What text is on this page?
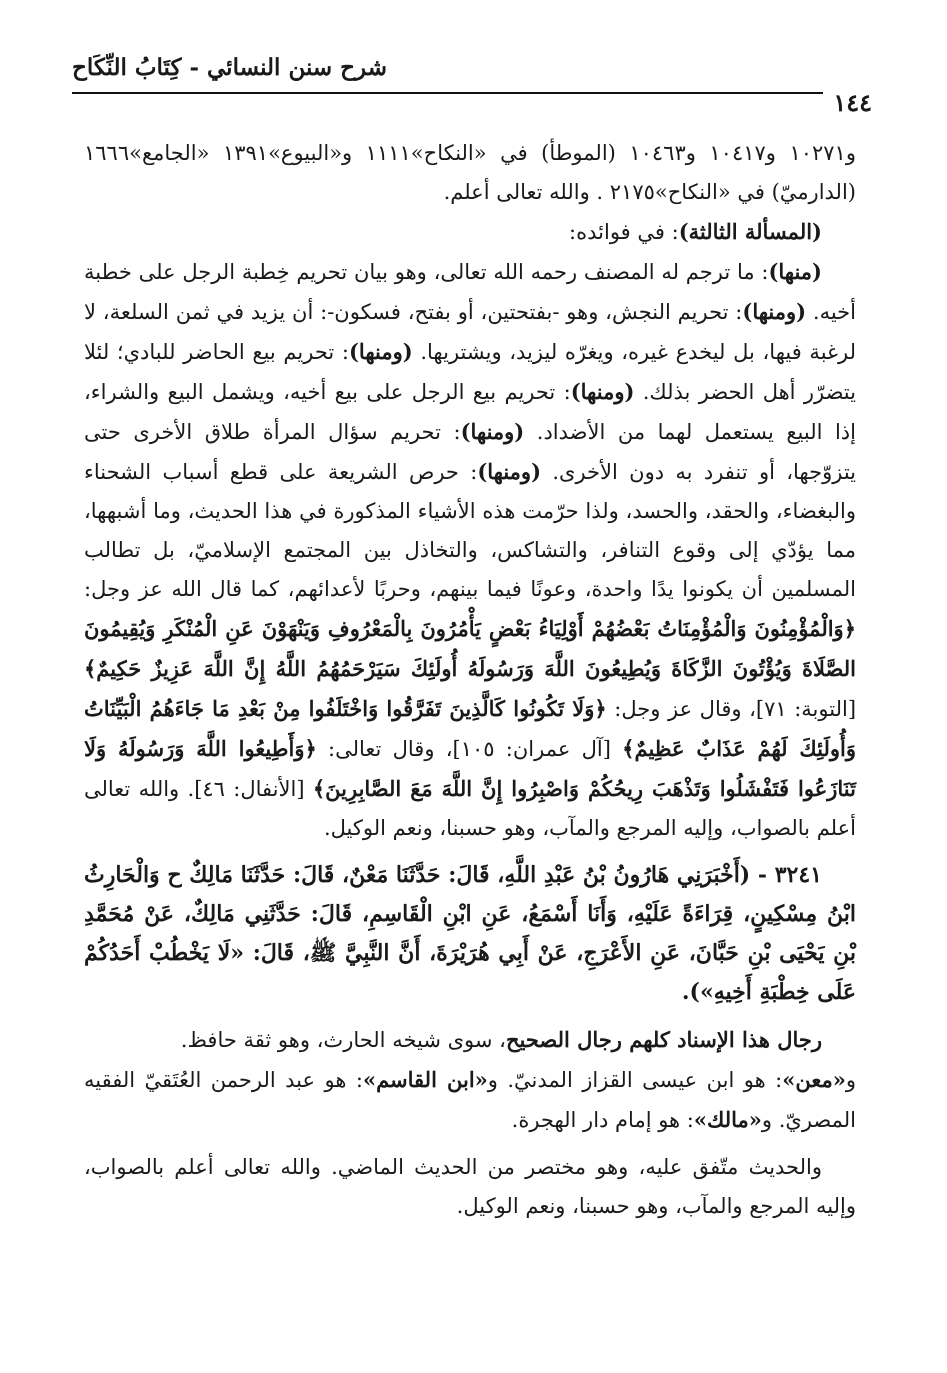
شرح سنن النسائي - كِتَابُ النِّكَاح
١٤٤

و١٠٢٧١ و١٠٤١٧ و١٠٤٦٣ (الموطأ) في «النكاح»١١١١ و«البيوع»١٣٩١ «الجامع»١٦٦٦ (الدارميّ) في «النكاح»٢١٧٥ . والله تعالى أعلم.

(المسألة الثالثة): في فوائده:

(منها): ما ترجم له المصنف رحمه الله تعالى، وهو بيان تحريم خِطبة الرجل على خطبة أخيه. (ومنها): تحريم النجش، وهو -بفتحتين، أو بفتح، فسكون-: أن يزيد في ثمن السلعة، لا لرغبة فيها، بل ليخدع غيره، ويغرّه ليزيد، ويشتريها. (ومنها): تحريم بيع الحاضر للبادي؛ لئلا يتضرّر أهل الحضر بذلك. (ومنها): تحريم بيع الرجل على بيع أخيه، ويشمل البيع والشراء، إذا البيع يستعمل لهما من الأضداد. (ومنها): تحريم سؤال المرأة طلاق الأخرى حتى يتزوّجها، أو تنفرد به دون الأخرى. (ومنها): حرص الشريعة على قطع أسباب الشحناء والبغضاء، والحقد، والحسد، ولذا حرّمت هذه الأشياء المذكورة في هذا الحديث، وما أشبهها، مما يؤدّي إلى وقوع التنافر، والتشاكس، والتخاذل بين المجتمع الإسلاميّ، بل تطالب المسلمين أن يكونوا يدًا واحدة، وعونًا فيما بينهم، وحربًا لأعدائهم، كما قال الله عز وجل: ﴿وَالْمُؤْمِنُونَ وَالْمُؤْمِنَاتُ بَعْضُهُمْ أَوْلِيَاءُ بَعْضٍ يَأْمُرُونَ بِالْمَعْرُوفِ وَيَنْهَوْنَ عَنِ الْمُنْكَرِ وَيُقِيمُونَ الصَّلَاةَ وَيُؤْتُونَ الزَّكَاةَ وَيُطِيعُونَ اللَّهَ وَرَسُولَهُ أُولَئِكَ سَيَرْحَمُهُمُ اللَّهُ إِنَّ اللَّهَ عَزِيزٌ حَكِيمٌ﴾ [التوبة: ٧١]، وقال عز وجل: ﴿وَلَا تَكُونُوا كَالَّذِينَ تَفَرَّقُوا وَاخْتَلَفُوا مِنْ بَعْدِ مَا جَاءَهُمُ الْبَيِّنَاتُ وَأُولَئِكَ لَهُمْ عَذَابٌ عَظِيمٌ﴾ [آل عمران: ١٠٥]، وقال تعالى: ﴿وَأَطِيعُوا اللَّهَ وَرَسُولَهُ وَلَا تَنَازَعُوا فَتَفْشَلُوا وَتَذْهَبَ رِيحُكُمْ وَاصْبِرُوا إِنَّ اللَّهَ مَعَ الصَّابِرِينَ﴾ [الأنفال: ٤٦]. والله تعالى أعلم بالصواب، وإليه المرجع والمآب، وهو حسبنا، ونعم الوكيل.

٣٢٤١ - (أَخْبَرَنِي هَارُونُ بْنُ عَبْدِ اللَّهِ، قَالَ: حَدَّثَنَا مَعْنٌ، قَالَ: حَدَّثَنَا مَالِكٌ ح وَالْحَارِثُ ابْنُ مِسْكِينٍ، قِرَاءَةً عَلَيْهِ، وَأَنَا أَسْمَعُ، عَنِ ابْنِ الْقَاسِمِ، قَالَ: حَدَّثَنِي مَالِكٌ، عَنْ مُحَمَّدِ بْنِ يَحْيَى بْنِ حَبَّانَ، عَنِ الأَعْرَجِ، عَنْ أَبِي هُرَيْرَةَ، أَنَّ النَّبِيَّ ﷺ، قَالَ: «لَا يَخْطُبْ أَحَدُكُمْ عَلَى خِطْبَةِ أَخِيهِ»).

رجال هذا الإسناد كلهم رجال الصحيح، سوى شيخه الحارث، وهو ثقة حافظ.

و«معن»: هو ابن عيسى القزاز المدنيّ. و«ابن القاسم»: هو عبد الرحمن العُتَقيّ الفقيه المصريّ. و«مالك»: هو إمام دار الهجرة.

والحديث متّفق عليه، وهو مختصر من الحديث الماضي. والله تعالى أعلم بالصواب، وإليه المرجع والمآب، وهو حسبنا، ونعم الوكيل.
